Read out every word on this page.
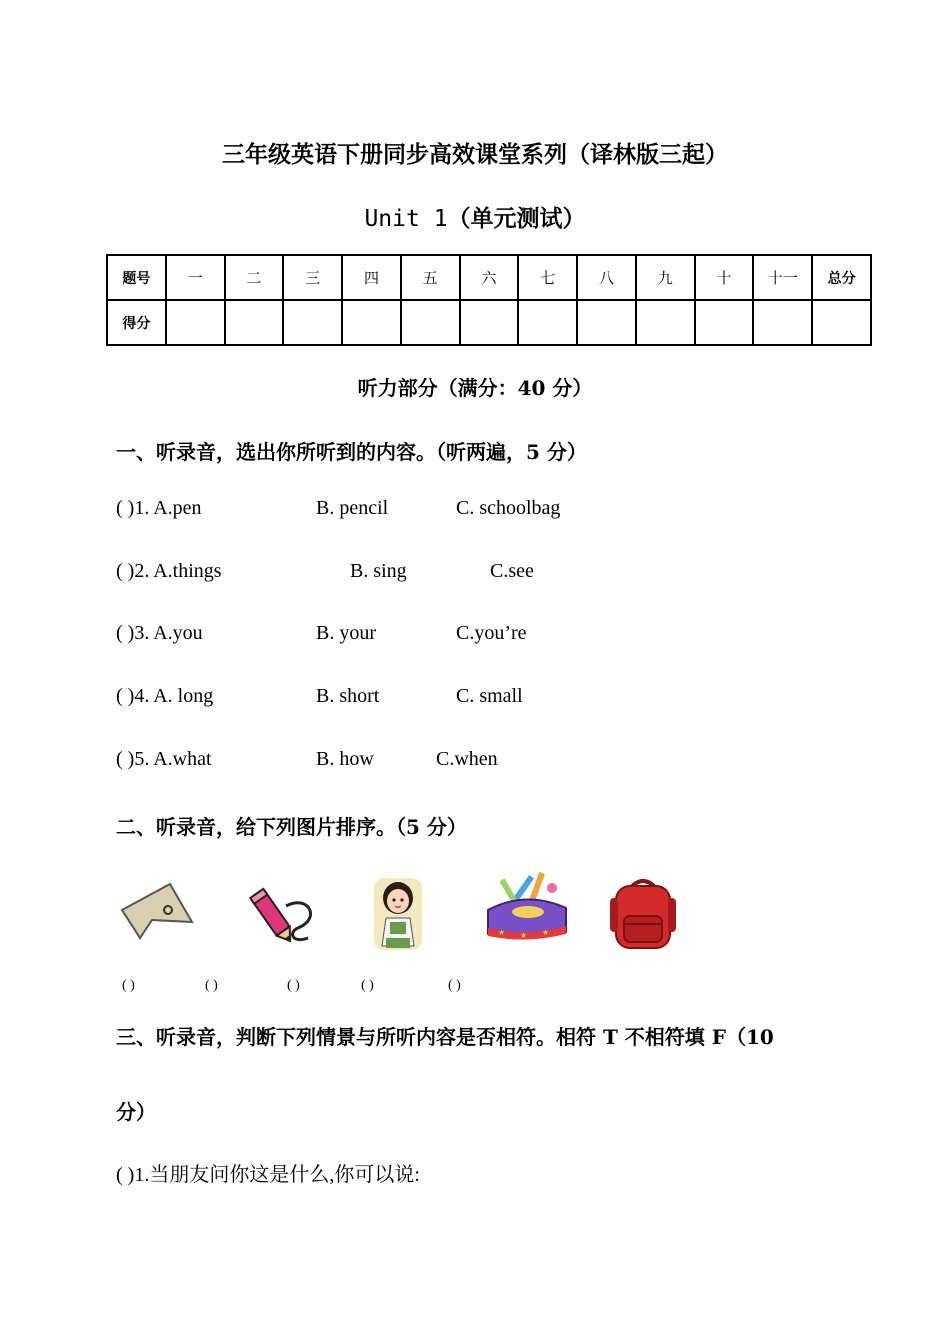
三年级英语下册同步高效课堂系列（译林版三起）
Unit 1（单元测试）
题号	一	二	三	四	五	六	七	八	九	十	十一	总分
得分												
听力部分（满分：40 分）
一、听录音，选出你所听到的内容。（听两遍，5 分）
( )1. A.pen	B. pencil	C. schoolbag
( )2. A.things	B. sing	C.see
( )3. A.you	B. your	C.you’re
( )4. A. long	B. short	C. small
( )5. A.what	B. how	C.when
二、听录音，给下列图片排序。（5 分）
★ ★ ★
( )	( )	( )	( )	( )
三、听录音，判断下列情景与所听内容是否相符。相符 T 不相符填 F（10
分）
( )1.当朋友问你这是什么,你可以说:
